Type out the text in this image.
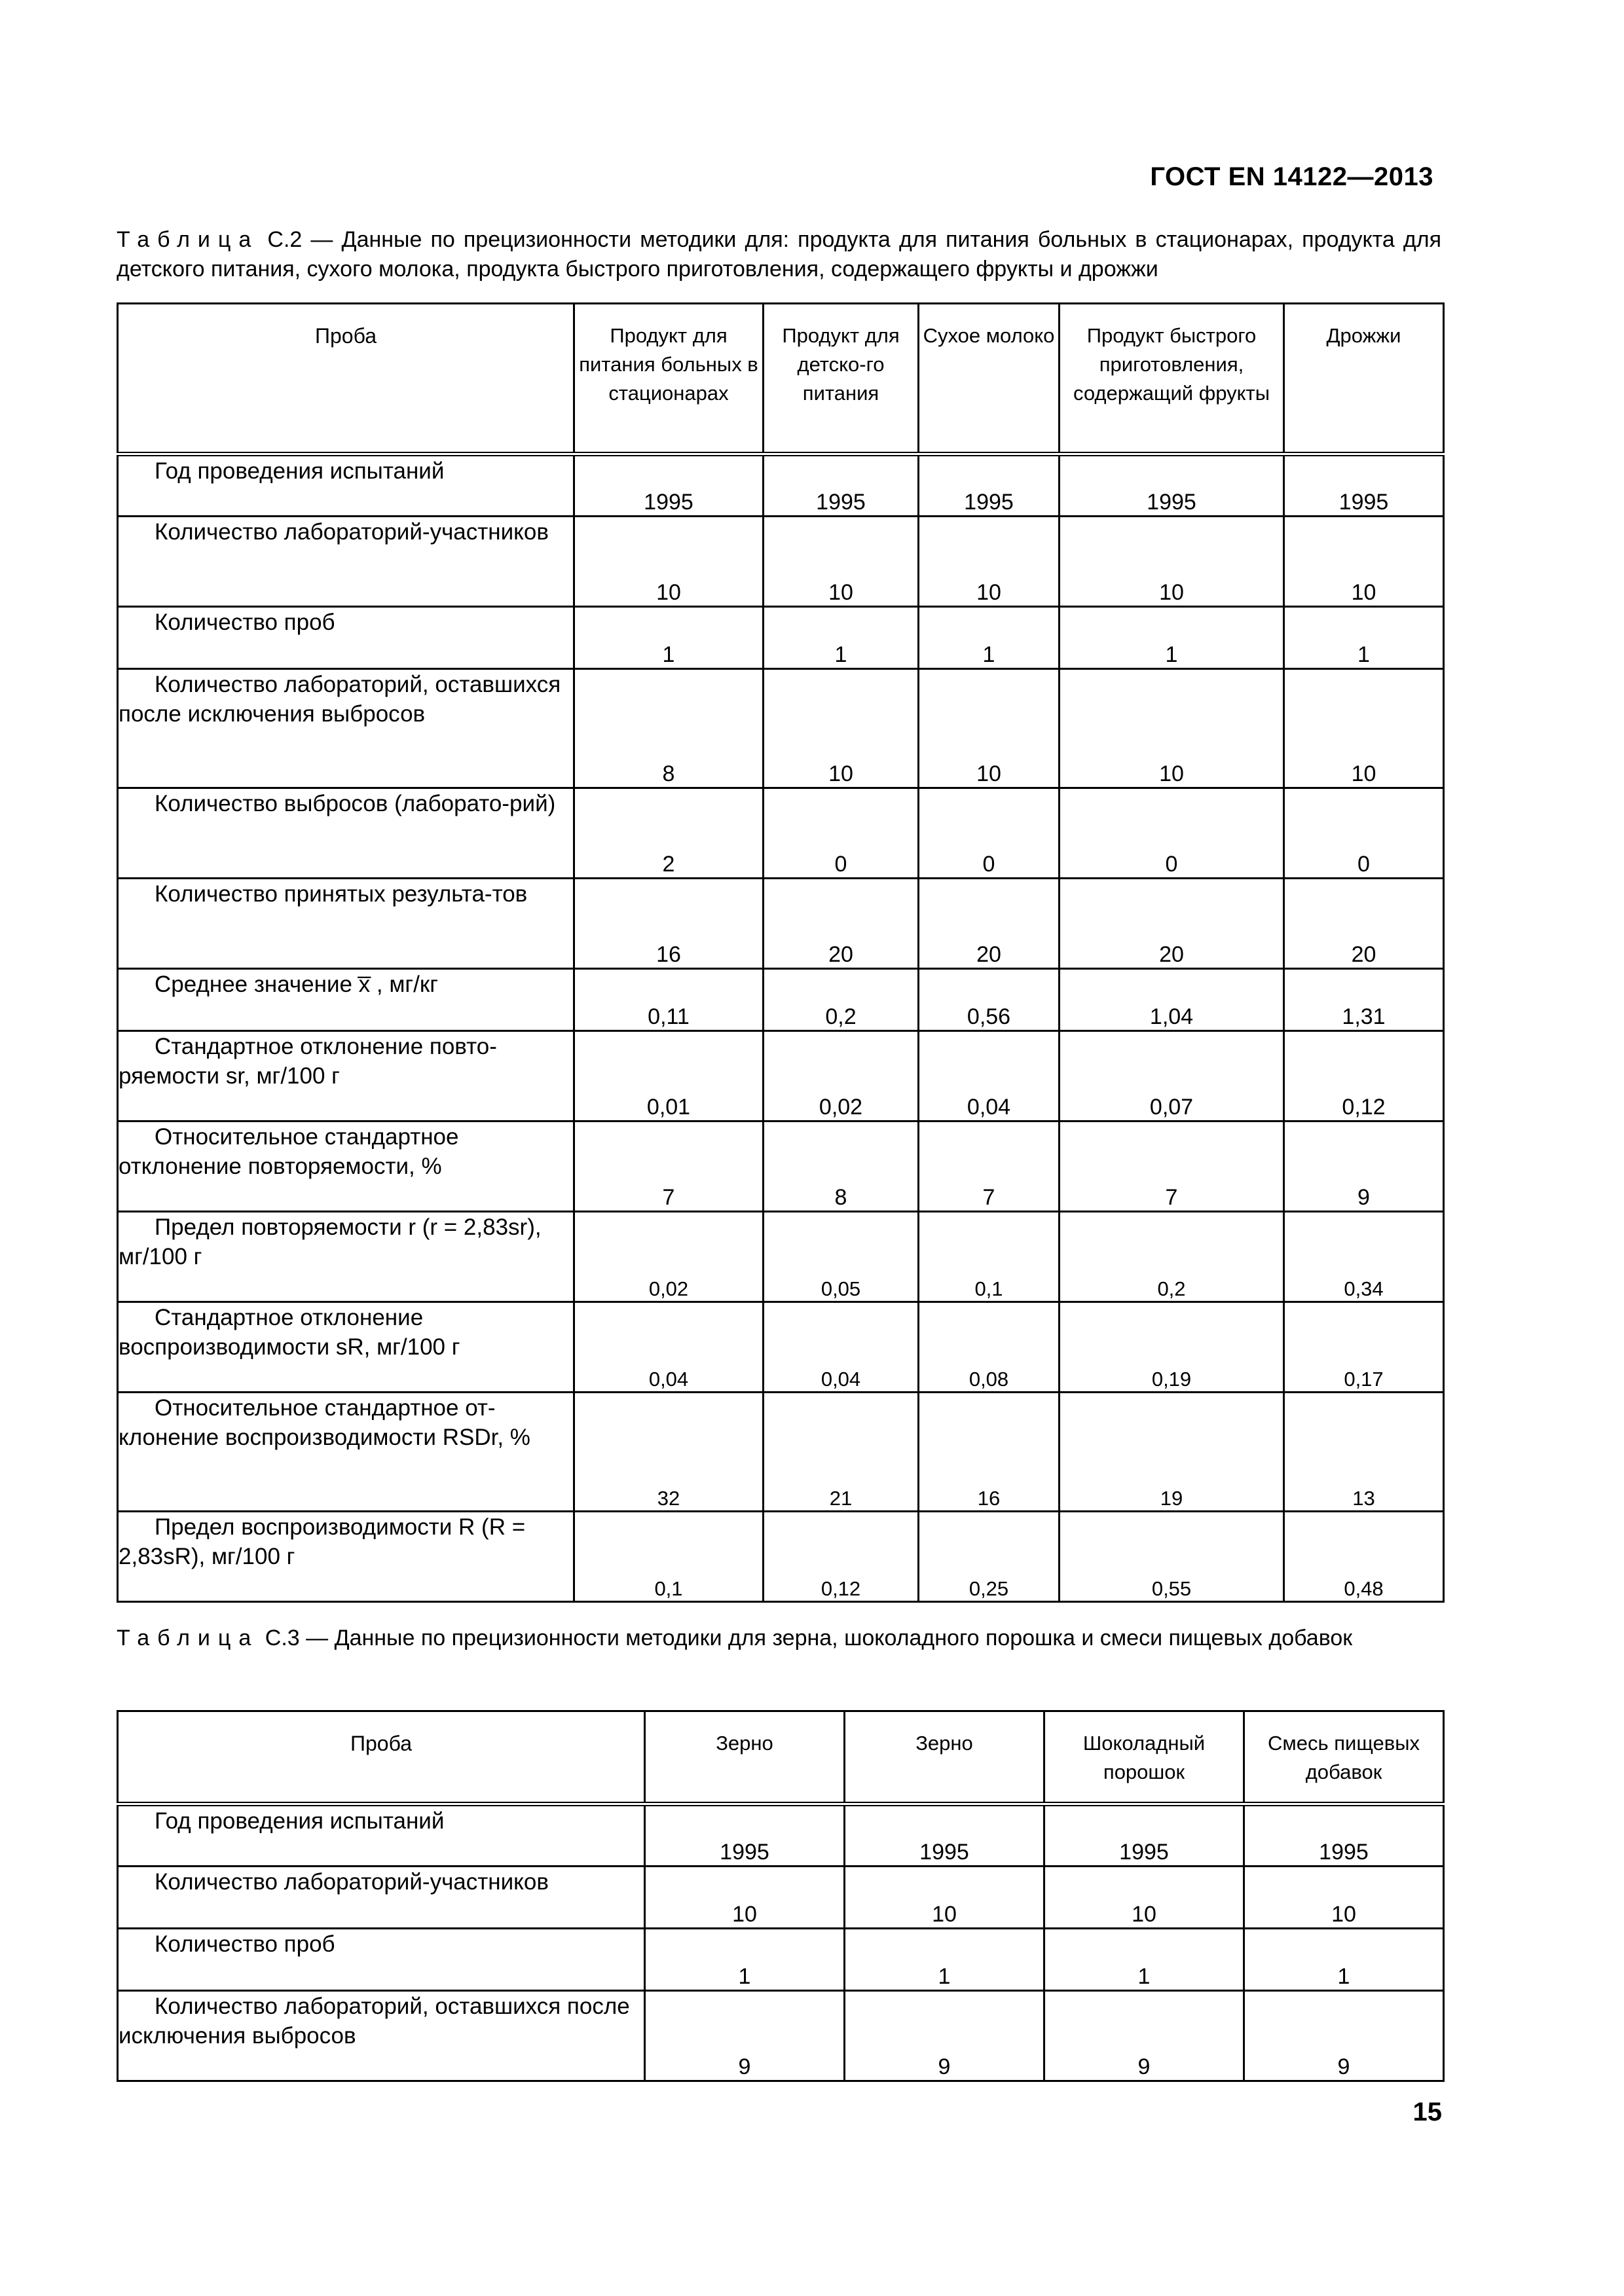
ГОСТ EN 14122—2013
Таблица C.2 — Данные по прецизионности методики для: продукта для питания больных в стационарах, продукта для детского питания, сухого молока, продукта быстрого приготовления, содержащего фрукты и дрожжи
Проба	Продукт для питания больных в стационарах	Продукт для детско-го питания	Сухое молоко	Продукт быстрого приготовления, содержащий фрукты	Дрожжи
Год проведения испытаний	1995	1995	1995	1995	1995
Количество лабораторий-участников	10	10	10	10	10
Количество проб	1	1	1	1	1
Количество лабораторий, оставшихся после исключения выбросов	8	10	10	10	10
Количество выбросов (лаборато-рий)	2	0	0	0	0
Количество принятых результа-тов	16	20	20	20	20
Среднее значение x̅ , мг/кг	0,11	0,2	0,56	1,04	1,31
Стандартное отклонение повто-ряемости sr, мг/100 г	0,01	0,02	0,04	0,07	0,12
Относительное стандартное отклонение повторяемости, %	7	8	7	7	9
Предел повторяемости r (r = 2,83sr), мг/100 г	0,02	0,05	0,1	0,2	0,34
Стандартное отклонение воспроизводимости sR, мг/100 г	0,04	0,04	0,08	0,19	0,17
Относительное стандартное от-клонение воспроизводимости RSDr, %	32	21	16	19	13
Предел воспроизводимости R (R = 2,83sR), мг/100 г	0,1	0,12	0,25	0,55	0,48
Таблица C.3 — Данные по прецизионности методики для зерна, шоколадного порошка и смеси пищевых добавок
Проба	Зерно	Зерно	Шоколадный порошок	Смесь пищевых добавок
Год проведения испытаний	1995	1995	1995	1995
Количество лабораторий-участников	10	10	10	10
Количество проб	1	1	1	1
Количество лабораторий, оставшихся после исключения выбросов	9	9	9	9
15
